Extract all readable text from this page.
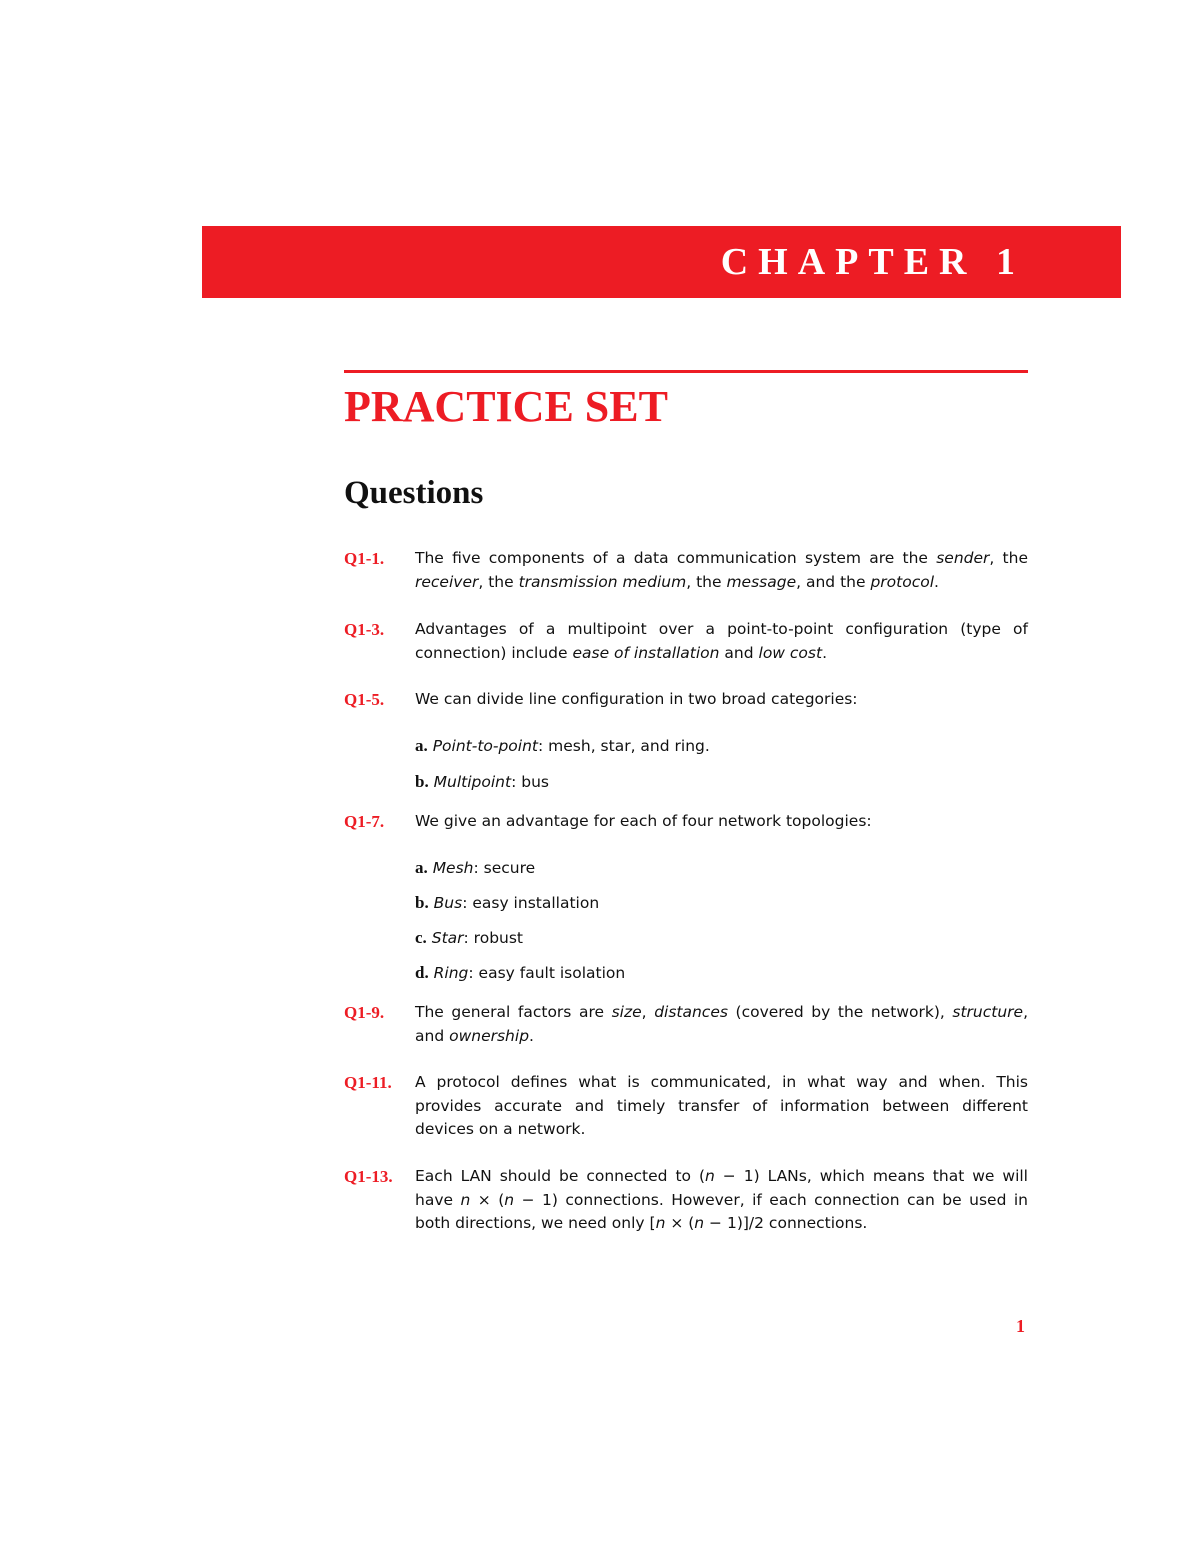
CHAPTER 1
PRACTICE SET
Questions
Q1-1.	The five components of a data communication system are the sender, the receiver, the transmission medium, the message, and the protocol.
Q1-3.	Advantages of a multipoint over a point-to-point configuration (type of connection) include ease of installation and low cost.
Q1-5.	We can divide line configuration in two broad categories:
a. Point-to-point: mesh, star, and ring.
b. Multipoint: bus
Q1-7.	We give an advantage for each of four network topologies:
a. Mesh: secure
b. Bus: easy installation
c. Star: robust
d. Ring: easy fault isolation
Q1-9.	The general factors are size, distances (covered by the network), structure, and ownership.
Q1-11.	A protocol defines what is communicated, in what way and when. This provides accurate and timely transfer of information between different devices on a network.
Q1-13.	Each LAN should be connected to (n − 1) LANs, which means that we will have n × (n − 1) connections. However, if each connection can be used in both directions, we need only [n × (n − 1)]/2 connections.
1
